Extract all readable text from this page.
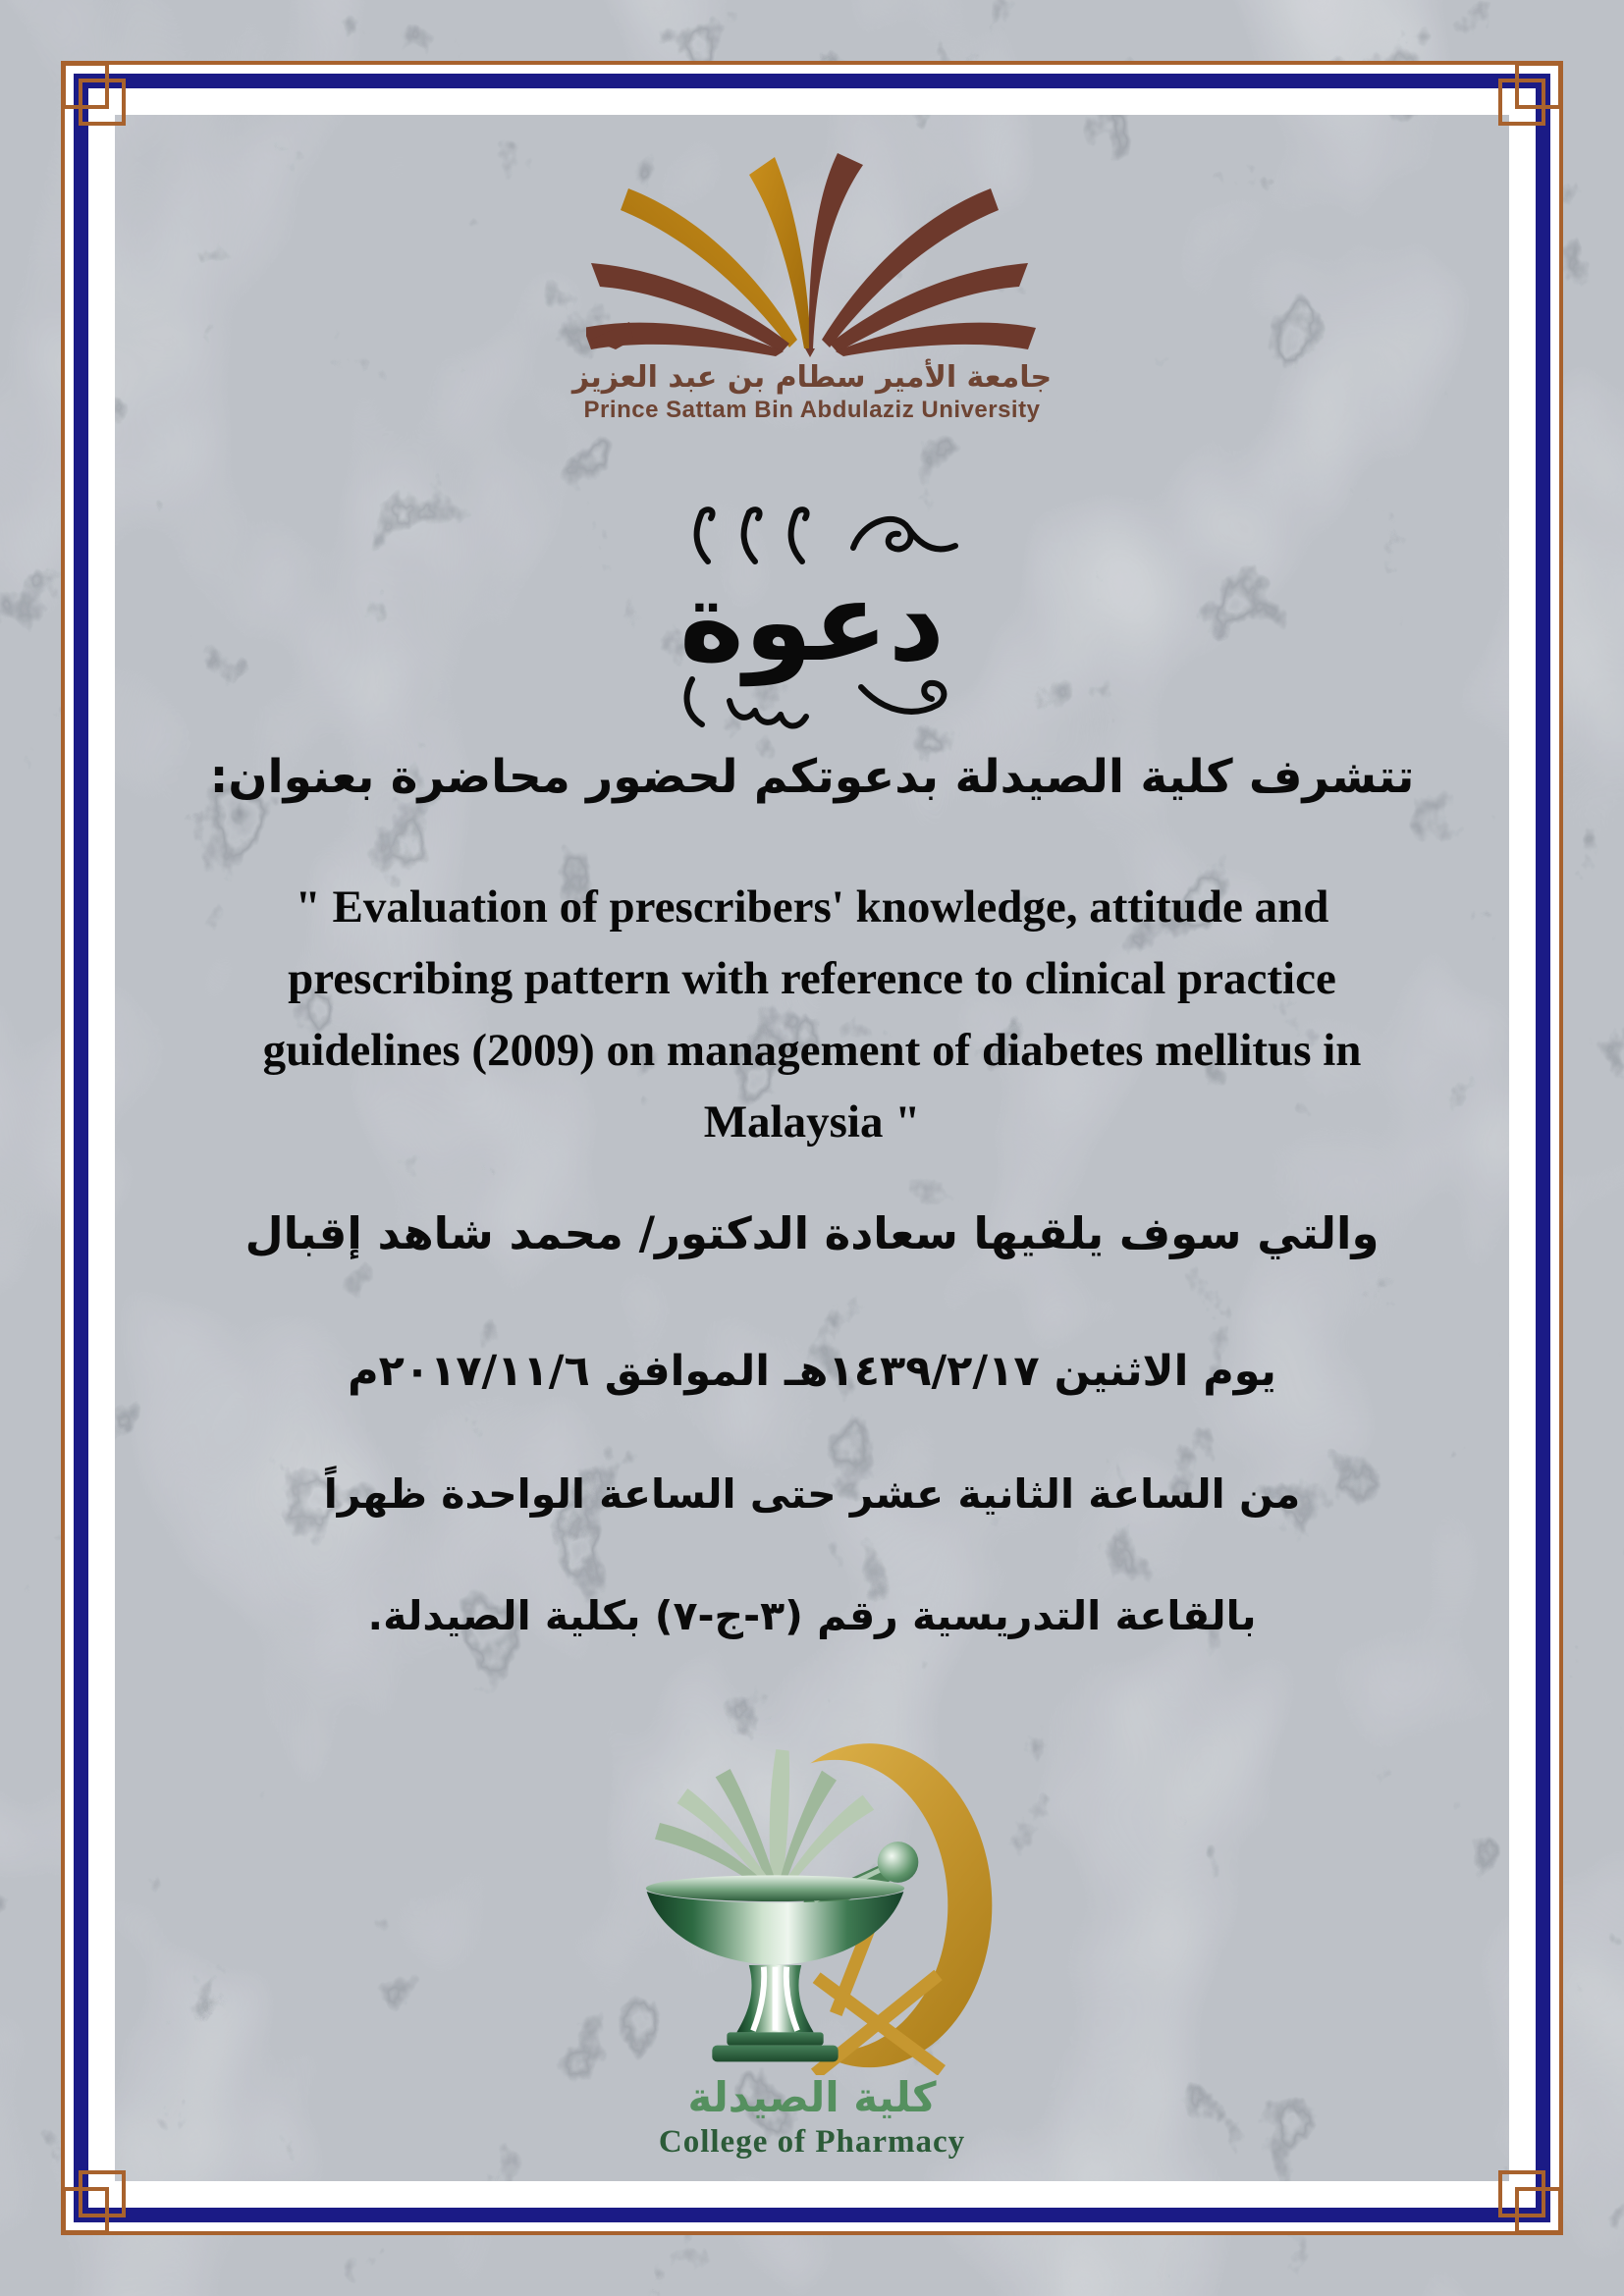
جامعة الأمير سطام بن عبد العزيز
Prince Sattam Bin Abdulaziz University
دعوة
تتشرف كلية الصيدلة بدعوتكم لحضور محاضرة بعنوان:
" Evaluation of prescribers' knowledge, attitude and
prescribing pattern with reference to clinical practice
guidelines (2009) on management of diabetes mellitus in
Malaysia "
والتي سوف يلقيها سعادة الدكتور/ محمد شاهد إقبال
يوم الاثنين ١٤٣٩/٢/١٧هـ الموافق ٢٠١٧/١١/٦م
من الساعة الثانية عشر حتى الساعة الواحدة ظهراً
بالقاعة التدريسية رقم (٣-ج-٧) بكلية الصيدلة.
كلية الصيدلة
College of Pharmacy
